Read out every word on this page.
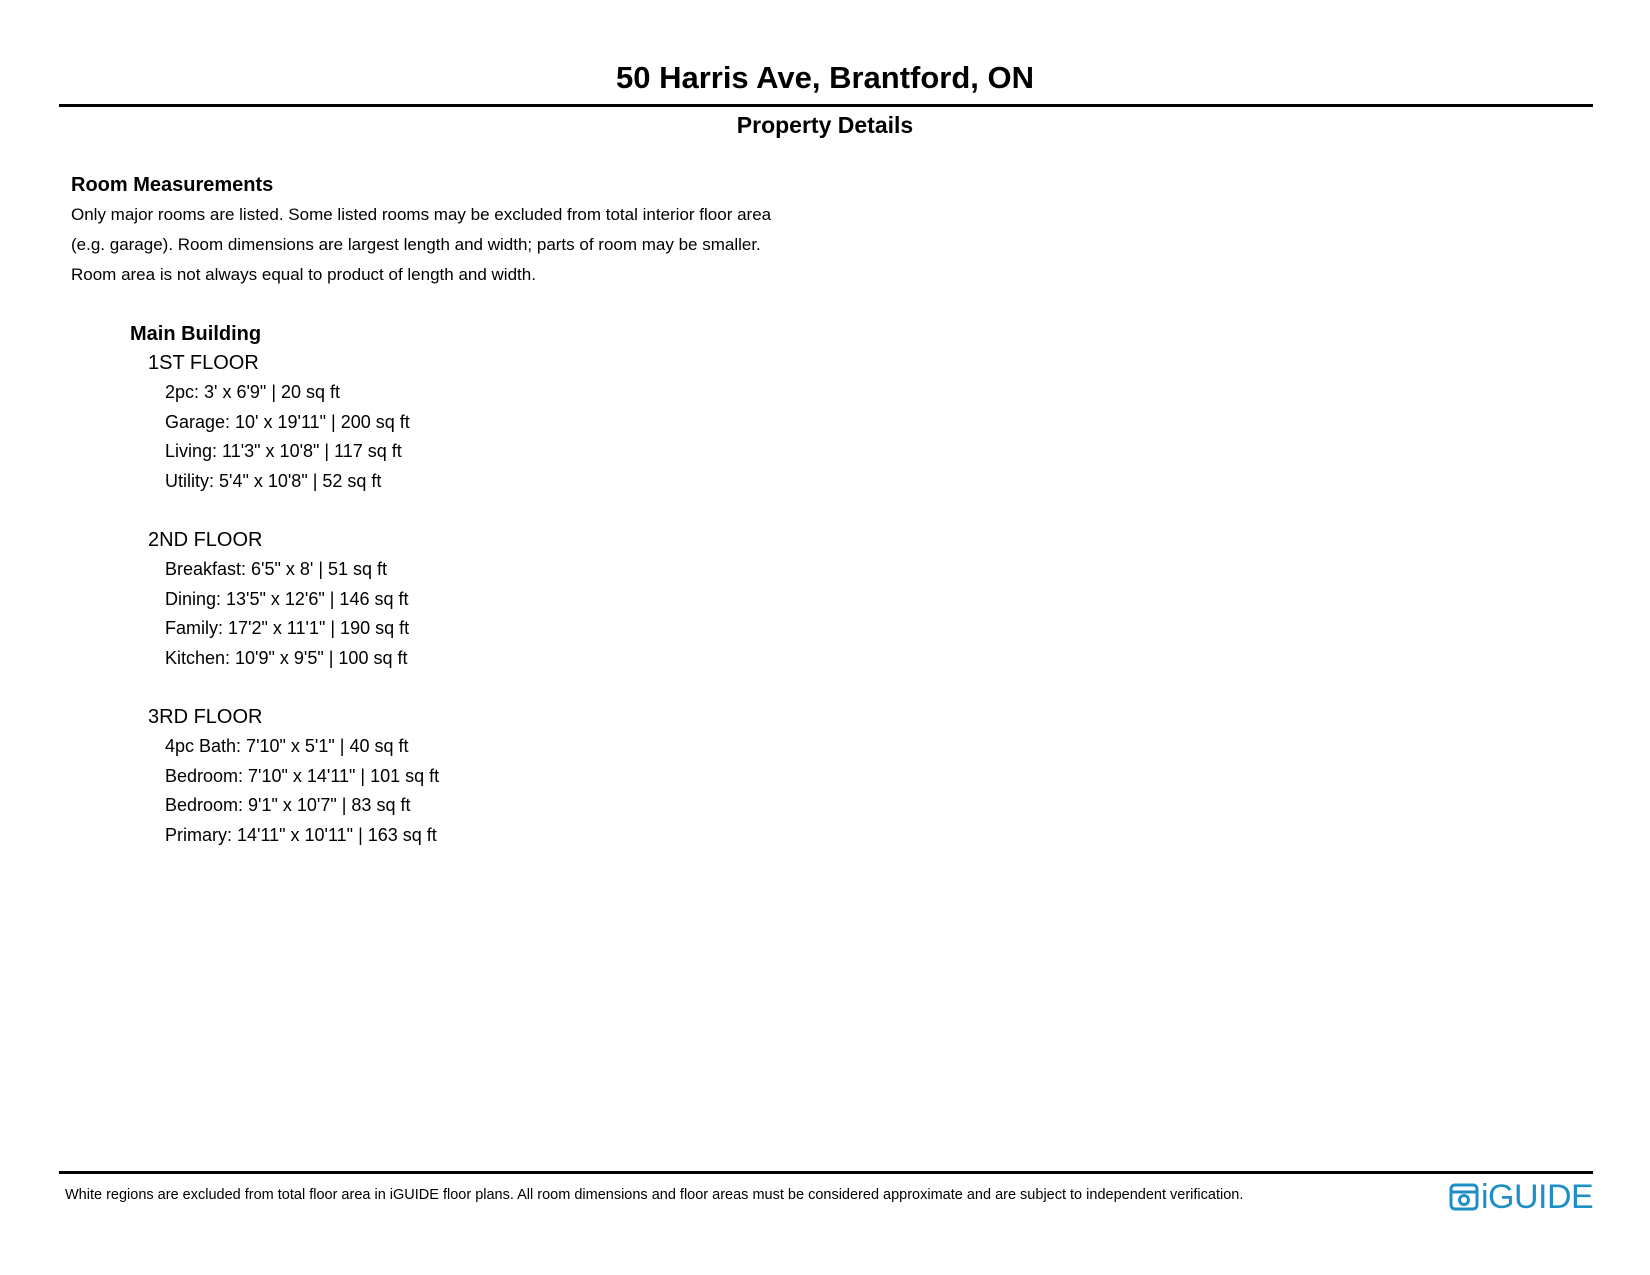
50 Harris Ave, Brantford, ON
Property Details
Room Measurements
Only major rooms are listed. Some listed rooms may be excluded from total interior floor area
(e.g. garage). Room dimensions are largest length and width; parts of room may be smaller.
Room area is not always equal to product of length and width.
Main Building
1ST FLOOR
2pc: 3' x 6'9" | 20 sq ft
Garage: 10' x 19'11" | 200 sq ft
Living: 11'3" x 10'8" | 117 sq ft
Utility: 5'4" x 10'8" | 52 sq ft
2ND FLOOR
Breakfast: 6'5" x 8' | 51 sq ft
Dining: 13'5" x 12'6" | 146 sq ft
Family: 17'2" x 11'1" | 190 sq ft
Kitchen: 10'9" x 9'5" | 100 sq ft
3RD FLOOR
4pc Bath: 7'10" x 5'1" | 40 sq ft
Bedroom: 7'10" x 14'11" | 101 sq ft
Bedroom: 9'1" x 10'7" | 83 sq ft
Primary: 14'11" x 10'11" | 163 sq ft
White regions are excluded from total floor area in iGUIDE floor plans. All room dimensions and floor areas must be considered approximate and are subject to independent verification.	iGUIDE
